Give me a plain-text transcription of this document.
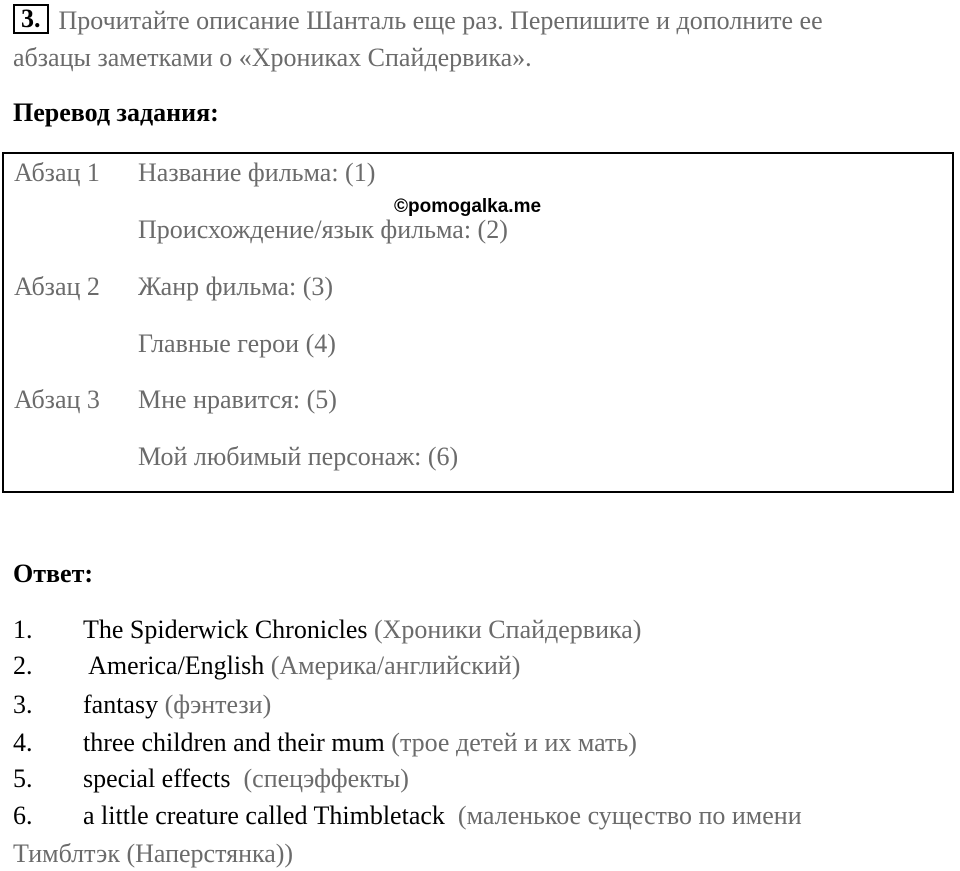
3. Прочитайте описание Шанталь еще раз. Перепишите и дополните ее
абзацы заметками о «Хрониках Спайдервика».
Перевод задания:
Абзац 1 Название фильма: (1)
Происхождение/язык фильма: (2)
Абзац 2 Жанр фильма: (3)
Главные герои (4)
Абзац 3 Мне нравится: (5)
Мой любимый персонаж: (6)
©pomogalka.me
Ответ:
1. The Spiderwick Chronicles (Хроники Спайдервика)
2. America/English (Америка/английский)
3. fantasy (фэнтези)
4. three children and their mum (трое детей и их мать)
5. special effects  (спецэффекты)
6. a little creature called Thimbletack  (маленькое существо по имени
Тимблтэк (Наперстянка))
